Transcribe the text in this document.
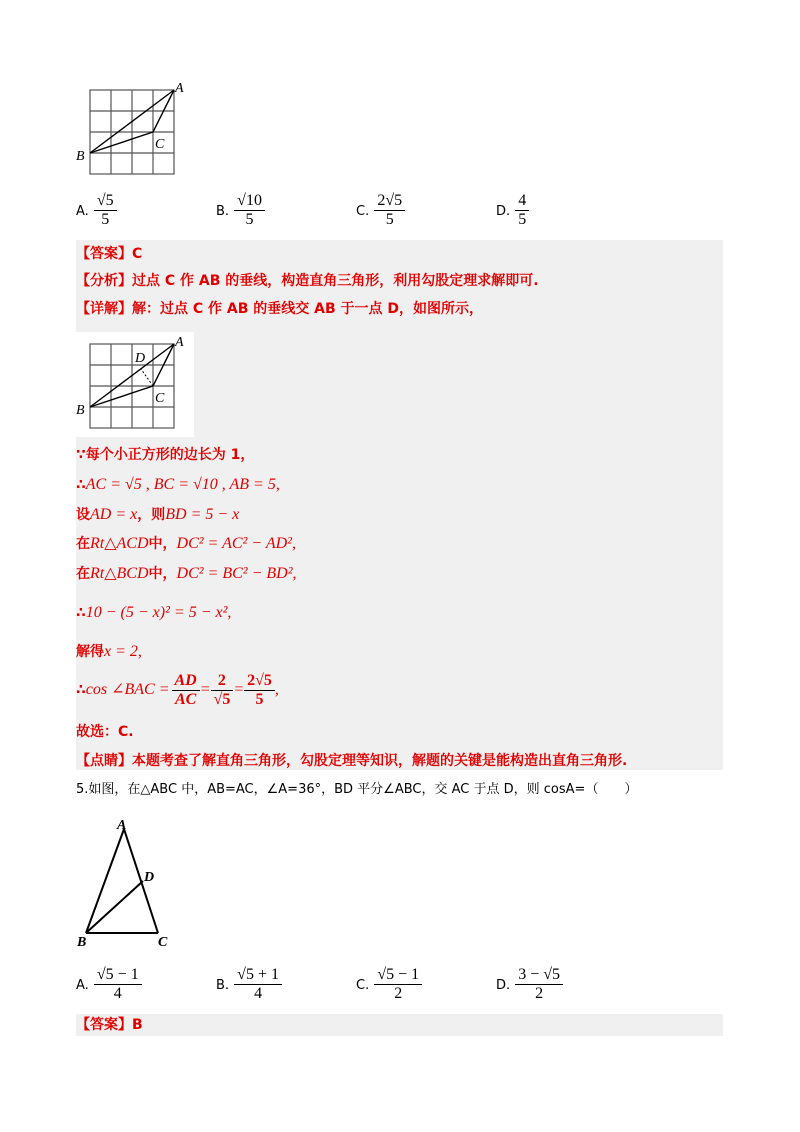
A
B
C
A. $\frac{√5}{5}$	B. $\frac{√10}{5}$	C. $\frac{2√5}{5}$	D. $\frac{4}{5}$
【答案】C
【分析】过点 C 作 AB 的垂线，构造直角三角形，利用勾股定理求解即可.
【详解】解：过点 C 作 AB 的垂线交 AB 于一点 D，如图所示，
A
B
C
D
∵每个小正方形的边长为 1，
∴AC = √5 , BC = √10 , AB = 5,
设AD = x，则BD = 5 − x
在Rt△ACD中，DC² = AC² − AD²,
在Rt△BCD中，DC² = BC² − BD²,
∴10 − (5 − x)² = 5 − x²,
解得x = 2,
∴ cos ∠BAC = $\frac{AD}{AC} = \frac{2}{√5} = \frac{2√5}{5}$ ,
故选：C.
【点睛】本题考查了解直角三角形，勾股定理等知识，解题的关键是能构造出直角三角形.
5.如图，在△ABC 中，AB=AC，∠A=36°，BD 平分∠ABC，交 AC 于点 D，则 cosA=（　　）
A
D
B	C
A. $\frac{√5 - 1}{4}$	B. $\frac{√5 + 1}{4}$	C. $\frac{√5 - 1}{2}$	D. $\frac{3 - √5}{2}$
【答案】B
